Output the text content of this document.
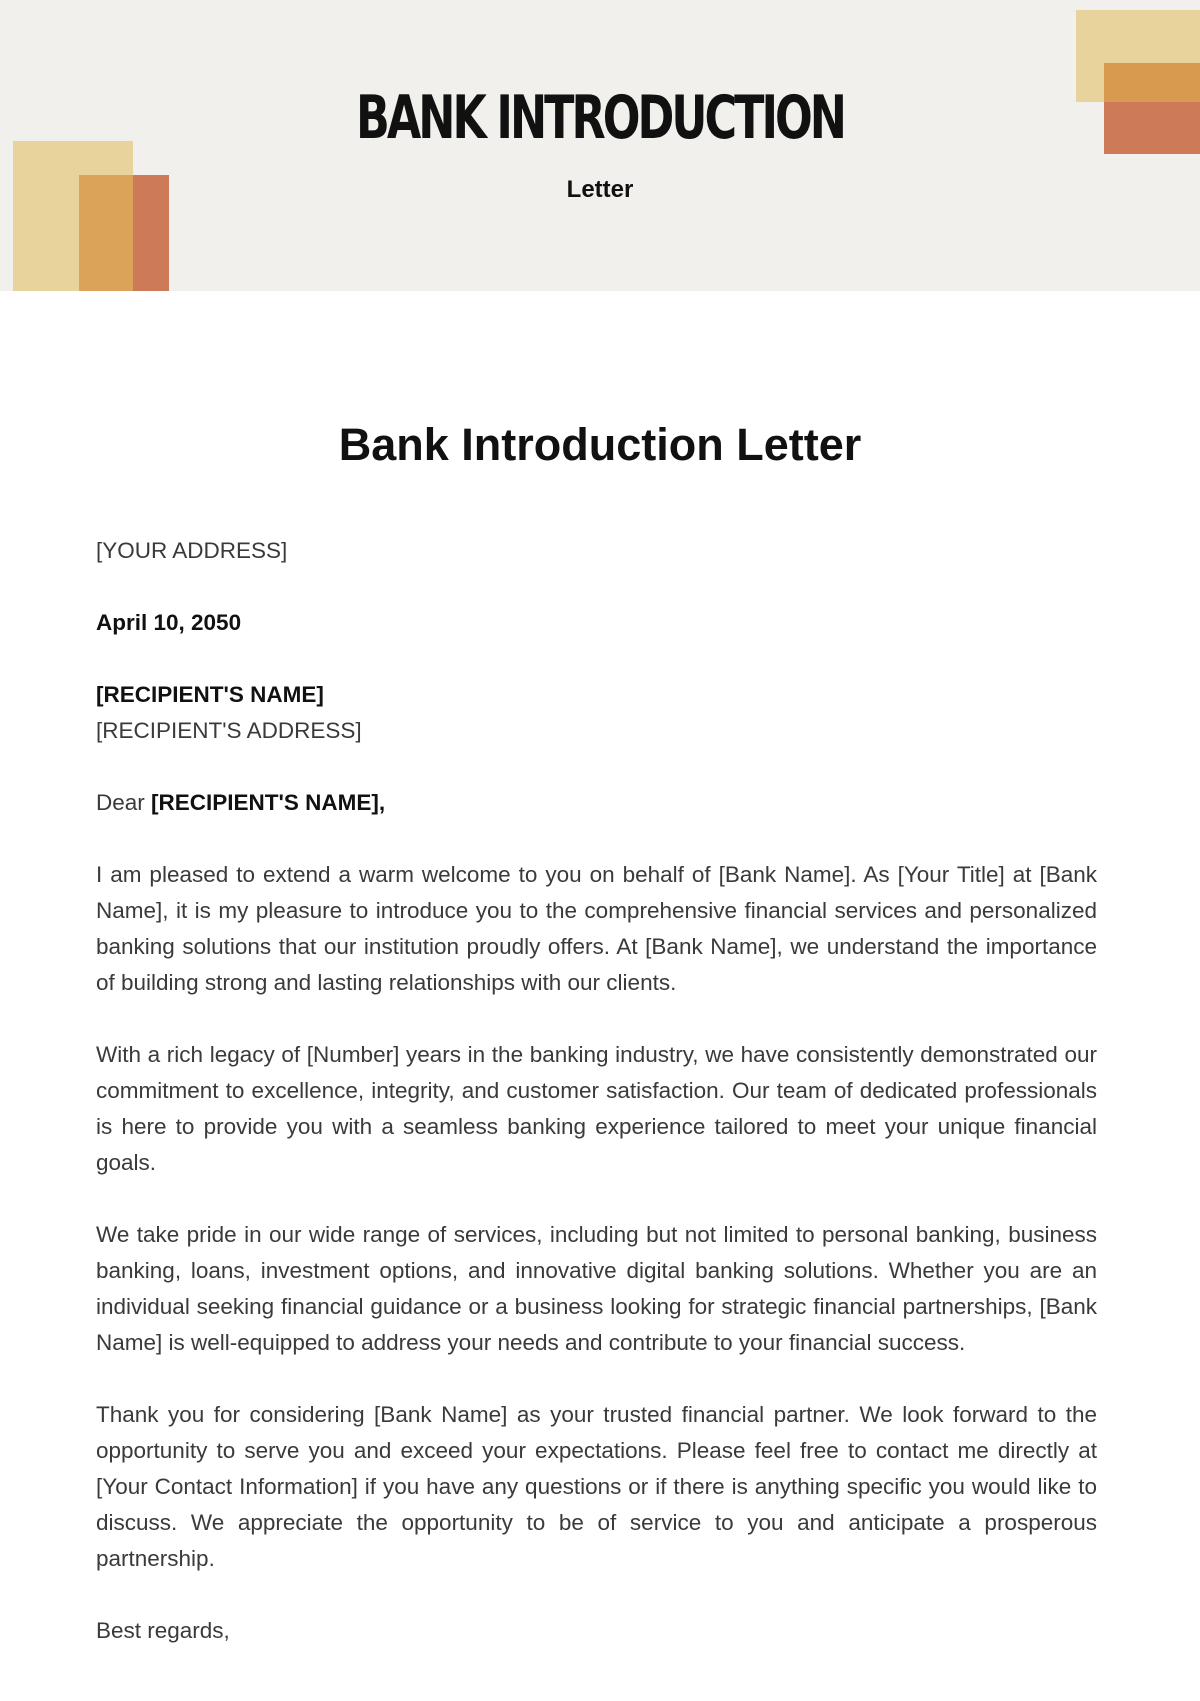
BANK INTRODUCTION
Letter
Bank Introduction Letter

[YOUR ADDRESS]

April 10, 2050

[RECIPIENT'S NAME]

[RECIPIENT'S ADDRESS]

Dear [RECIPIENT'S NAME],

I am pleased to extend a warm welcome to you on behalf of [Bank Name]. As [Your Title] at [Bank Name], it is my pleasure to introduce you to the comprehensive financial services and personalized banking solutions that our institution proudly offers. At [Bank Name], we understand the importance of building strong and lasting relationships with our clients.

With a rich legacy of [Number] years in the banking industry, we have consistently demonstrated our commitment to excellence, integrity, and customer satisfaction. Our team of dedicated professionals is here to provide you with a seamless banking experience tailored to meet your unique financial goals.

We take pride in our wide range of services, including but not limited to personal banking, business banking, loans, investment options, and innovative digital banking solutions. Whether you are an individual seeking financial guidance or a business looking for strategic financial partnerships, [Bank Name] is well-equipped to address your needs and contribute to your financial success.

Thank you for considering [Bank Name] as your trusted financial partner. We look forward to the opportunity to serve you and exceed your expectations. Please feel free to contact me directly at [Your Contact Information] if you have any questions or if there is anything specific you would like to discuss. We appreciate the opportunity to be of service to you and anticipate a prosperous partnership.

Best regards,
